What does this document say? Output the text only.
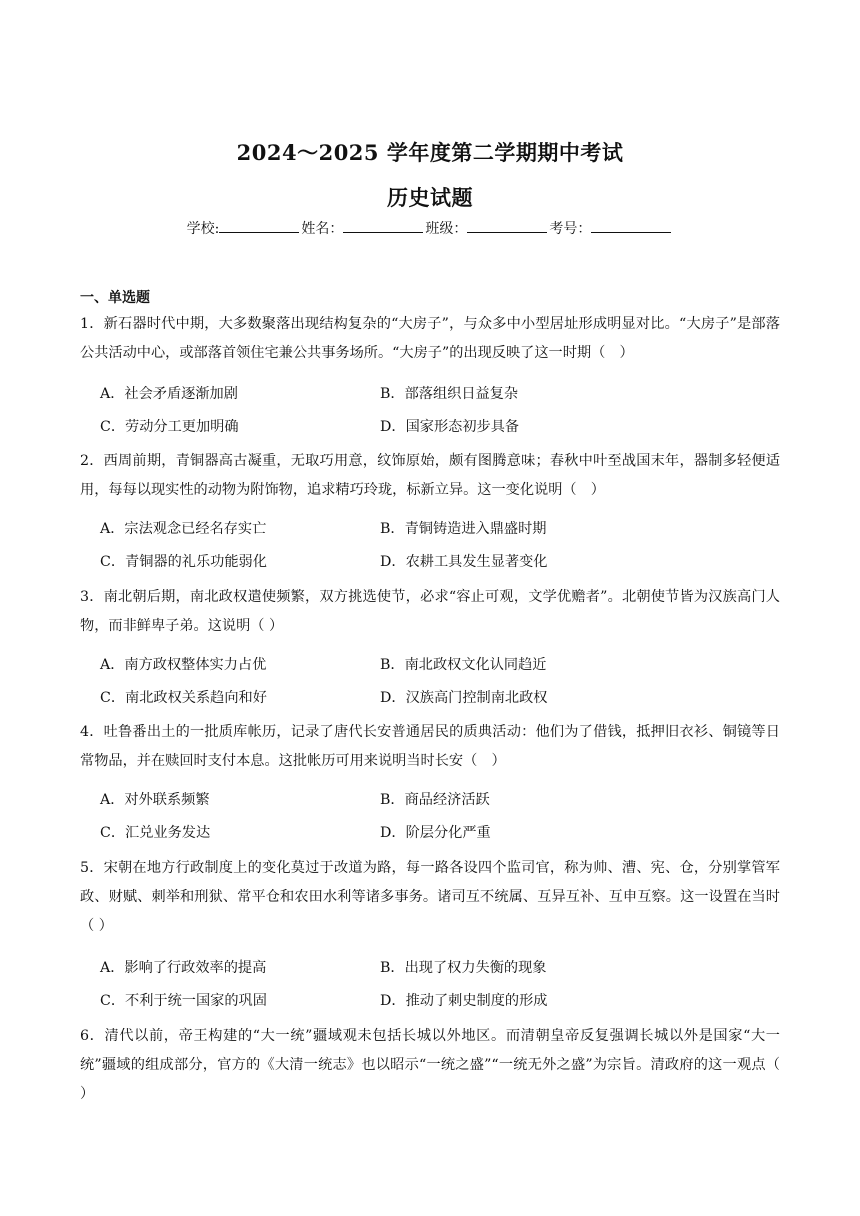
2024～2025 学年度第二学期期中考试
历史试题
学校:	姓名：	班级：	考号：
一、单选题
1．新石器时代中期，大多数聚落出现结构复杂的“大房子”，与众多中小型居址形成明显对比。“大房子”是部落公共活动中心，或部落首领住宅兼公共事务场所。“大房子”的出现反映了这一时期（　）
A．社会矛盾逐渐加剧	B．部落组织日益复杂
C．劳动分工更加明确	D．国家形态初步具备
2．西周前期，青铜器高古凝重，无取巧用意，纹饰原始，颇有图腾意味；春秋中叶至战国末年，器制多轻便适用，每每以现实性的动物为附饰物，追求精巧玲珑，标新立异。这一变化说明（　）
A．宗法观念已经名存实亡	B．青铜铸造进入鼎盛时期
C．青铜器的礼乐功能弱化	D．农耕工具发生显著变化
3．南北朝后期，南北政权遣使频繁，双方挑选使节，必求“容止可观，文学优赡者”。北朝使节皆为汉族高门人物，而非鲜卑子弟。这说明（ ）
A．南方政权整体实力占优	B．南北政权文化认同趋近
C．南北政权关系趋向和好	D．汉族高门控制南北政权
4．吐鲁番出土的一批质库帐历，记录了唐代长安普通居民的质典活动：他们为了借钱，抵押旧衣衫、铜镜等日常物品，并在赎回时支付本息。这批帐历可用来说明当时长安（　）
A．对外联系频繁	B．商品经济活跃
C．汇兑业务发达	D．阶层分化严重
5．宋朝在地方行政制度上的变化莫过于改道为路，每一路各设四个监司官，称为帅、漕、宪、仓，分别掌管军政、财赋、刺举和刑狱、常平仓和农田水利等诸多事务。诸司互不统属、互异互补、互申互察。这一设置在当时（ ）
A．影响了行政效率的提高	B．出现了权力失衡的现象
C．不利于统一国家的巩固	D．推动了刺史制度的形成
6．清代以前，帝王构建的“大一统”疆域观未包括长城以外地区。而清朝皇帝反复强调长城以外是国家“大一统”疆域的组成部分，官方的《大清一统志》也以昭示“一统之盛”“一统无外之盛”为宗旨。清政府的这一观点（ ）
